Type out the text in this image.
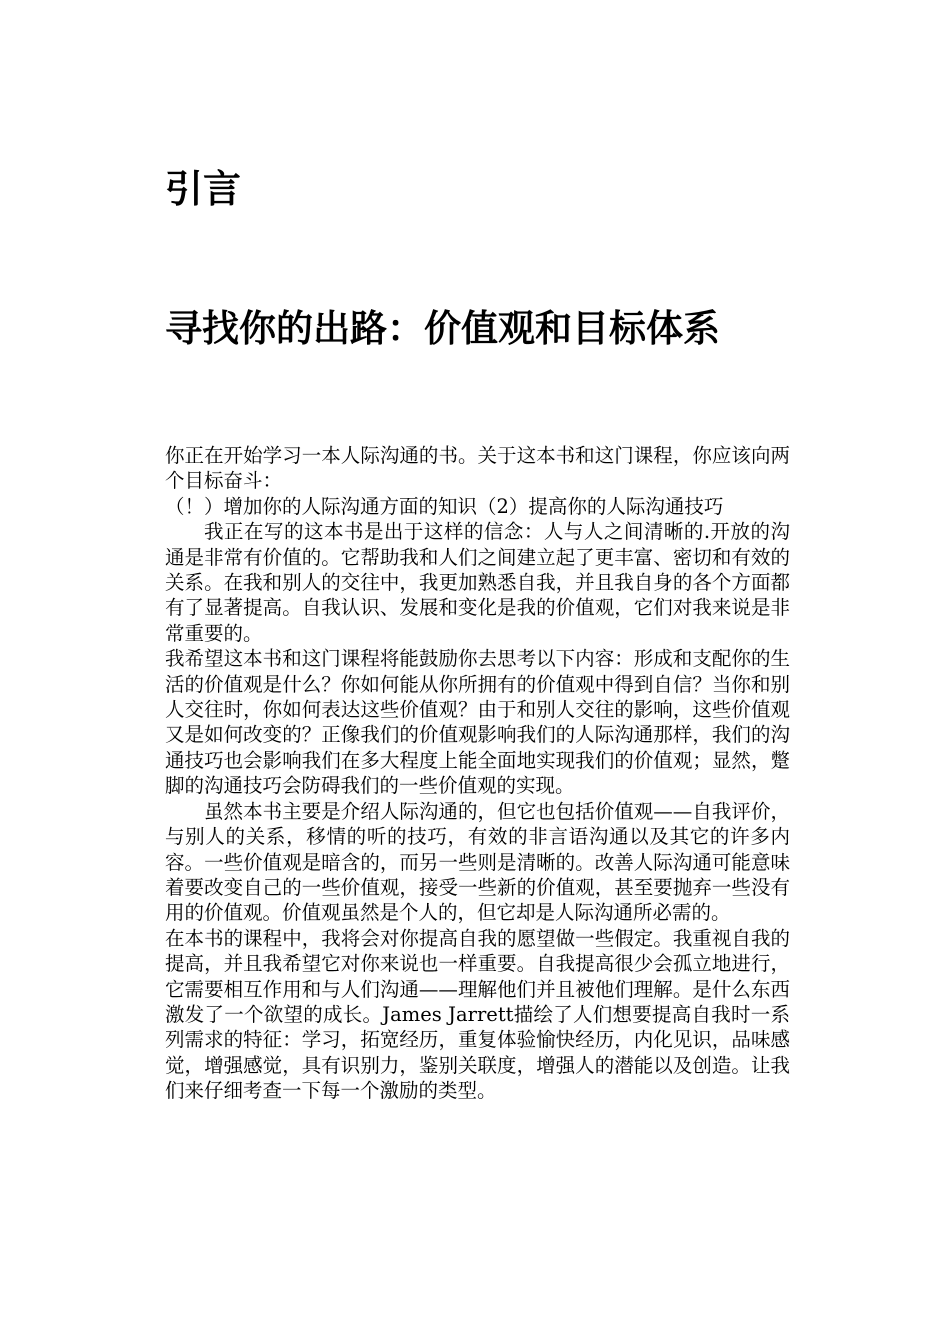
引言
寻找你的出路：价值观和目标体系

你正在开始学习一本人际沟通的书。关于这本书和这门课程，你应该向两个目标奋斗：

（！）增加你的人际沟通方面的知识（2）提高你的人际沟通技巧

我正在写的这本书是出于这样的信念：人与人之间清晰的.开放的沟通是非常有价值的。它帮助我和人们之间建立起了更丰富、密切和有效的关系。在我和别人的交往中，我更加熟悉自我，并且我自身的各个方面都有了显著提高。自我认识、发展和变化是我的价值观，它们对我来说是非常重要的。

我希望这本书和这门课程将能鼓励你去思考以下内容：形成和支配你的生活的价值观是什么？你如何能从你所拥有的价值观中得到自信？当你和别人交往时，你如何表达这些价值观？由于和别人交往的影响，这些价值观又是如何改变的？正像我们的价值观影响我们的人际沟通那样，我们的沟通技巧也会影响我们在多大程度上能全面地实现我们的价值观；显然，蹩脚的沟通技巧会防碍我们的一些价值观的实现。

虽然本书主要是介绍人际沟通的，但它也包括价值观——自我评价，与别人的关系，移情的听的技巧，有效的非言语沟通以及其它的许多内容。一些价值观是暗含的，而另一些则是清晰的。改善人际沟通可能意味着要改变自己的一些价值观，接受一些新的价值观，甚至要抛弃一些没有用的价值观。价值观虽然是个人的，但它却是人际沟通所必需的。

在本书的课程中，我将会对你提高自我的愿望做一些假定。我重视自我的提高，并且我希望它对你来说也一样重要。自我提高很少会孤立地进行，它需要相互作用和与人们沟通——理解他们并且被他们理解。是什么东西激发了一个欲望的成长。James Jarrett描绘了人们想要提高自我时一系列需求的特征：学习，拓宽经历，重复体验愉快经历，内化见识，品味感觉，增强感觉，具有识别力，鉴别关联度，增强人的潜能以及创造。让我们来仔细考查一下每一个激励的类型。
